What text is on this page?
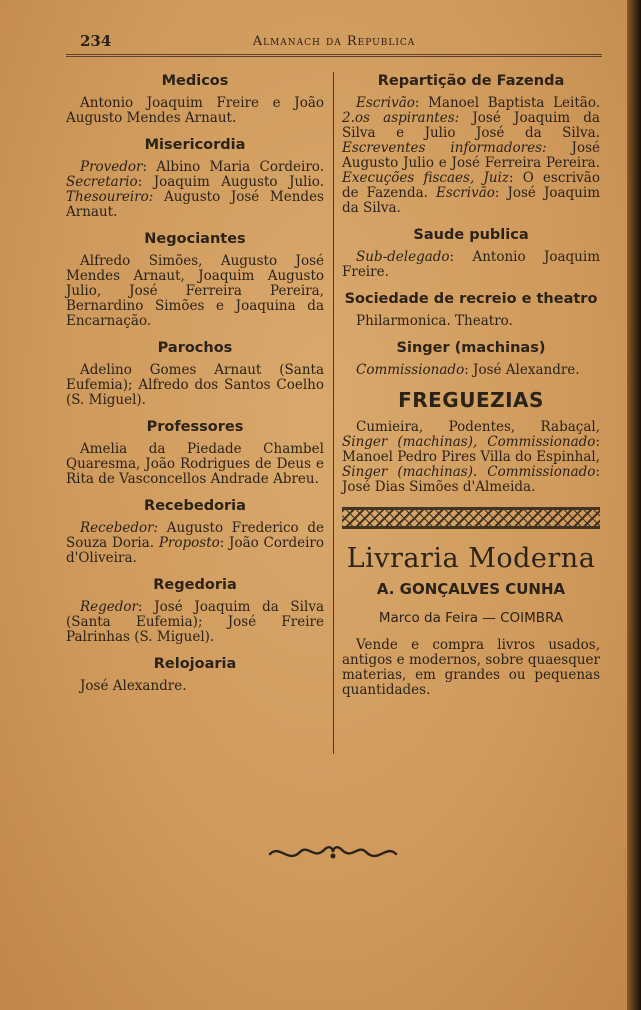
234	Almanach da Republica
Medicos

Antonio Joaquim Freire e João Augusto Mendes Arnaut.

Misericordia

Provedor: Albino Maria Cordeiro. Secretario: Joaquim Augusto Julio. Thesoureiro: Augusto José Mendes Arnaut.

Negociantes

Alfredo Simões, Augusto José Mendes Arnaut, Joaquim Augusto Julio, José Ferreira Pereira, Bernardino Simões e Joaquina da Encarnação.

Parochos

Adelino Gomes Arnaut (Santa Eufemia); Alfredo dos Santos Coelho (S. Miguel).

Professores

Amelia da Piedade Chambel Quaresma, João Rodrigues de Deus e Rita de Vasconcellos Andrade Abreu.

Recebedoria

Recebedor: Augusto Frederico de Souza Doria. Proposto: João Cordeiro d'Oliveira.

Regedoria

Regedor: José Joaquim da Silva (Santa Eufemia); José Freire Palrinhas (S. Miguel).

Relojoaria

José Alexandre.

Repartição de Fazenda

Escrivão: Manoel Baptista Leitão. 2.os aspirantes: José Joaquim da Silva e Julio José da Silva. Escreventes informadores: José Augusto Julio e José Ferreira Pereira. Execuções fiscaes, Juiz: O escrivão de Fazenda. Escrivão: José Joaquim da Silva.

Saude publica

Sub-delegado: Antonio Joaquim Freire.

Sociedade de recreio e theatro

Philarmonica. Theatro.

Singer (machinas)

Commissionado: José Alexandre.

FREGUEZIAS

Cumieira, Podentes, Rabaçal, Singer (machinas), Commissionado: Manoel Pedro Pires Villa do Espinhal, Singer (machinas). Commissionado: José Dias Simões d'Almeida.

Livraria Moderna
A. GONÇALVES CUNHA
Marco da Feira — COIMBRA

Vende e compra livros usados, antigos e modernos, sobre quaesquer materias, em grandes ou pequenas quantidades.
